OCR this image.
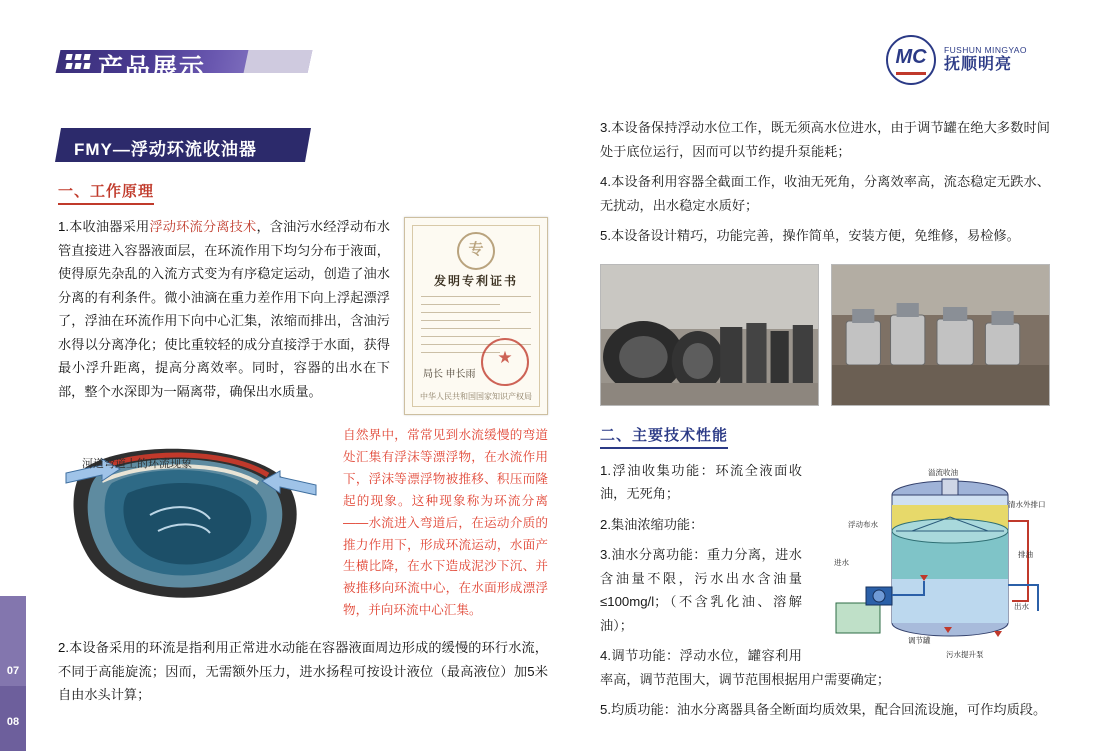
07
08
产品展示	MC	FUSHUN MINGYAO
抚顺明亮
FMY—浮动环流收油器
一、工作原理
专
发明专利证书
★
局长 申长雨
中华人民共和国国家知识产权局

1.本收油器采用浮动环流分离技术，含油污水经浮动布水管直接进入容器液面层，在环流作用下均匀分布于液面，使得原先杂乱的入流方式变为有序稳定运动，创造了油水分离的有利条件。微小油滴在重力差作用下向上浮起漂浮了，浮油在环流作用下向中心汇集，浓缩而排出，含油污水得以分离净化；使比重较轻的成分直接浮于水面，获得最小浮升距离，提高分离效率。同时，容器的出水在下部，整个水深即为一隔离带，确保出水质量。

河道弯道上的环流现象
自然界中，常常见到水流缓慢的弯道处汇集有浮沫等漂浮物，在水流作用下，浮沫等漂浮物被推移、积压而隆起的现象。这种现象称为环流分离——水流进入弯道后，在运动介质的推力作用下，形成环流运动，水面产生横比降，在水下造成泥沙下沉、并被推移向环流中心，在水面形成漂浮物，并向环流中心汇集。

2.本设备采用的环流是指利用正常进水动能在容器液面周边形成的缓慢的环行水流，不同于高能旋流；因而，无需额外压力，进水扬程可按设计液位（最高液位）加5米自由水头计算；

3.本设备保持浮动水位工作，既无须高水位进水，由于调节罐在绝大多数时间处于底位运行，因而可以节约提升泵能耗；

4.本设备利用容器全截面工作，收油无死角，分离效率高，流态稳定无跌水、无扰动，出水稳定水质好；

5.本设备设计精巧，功能完善，操作简单，安装方便，免维修，易检修。

二、主要技术性能
溢流收油
浮动布水
进水
清水外排口
排油
出水
污水提升泵
调节罐

1.浮油收集功能：环流全液面收油，无死角；

2.集油浓缩功能：

3.油水分离功能：重力分离，进水含油量不限，污水出水含油量≤100mg/l；（不含乳化油、溶解油）；

4.调节功能：浮动水位，罐容利用率高，调节范围大，调节范围根据用户需要确定；

5.均质功能：油水分离器具备全断面均质效果，配合回流设施，可作均质段。
